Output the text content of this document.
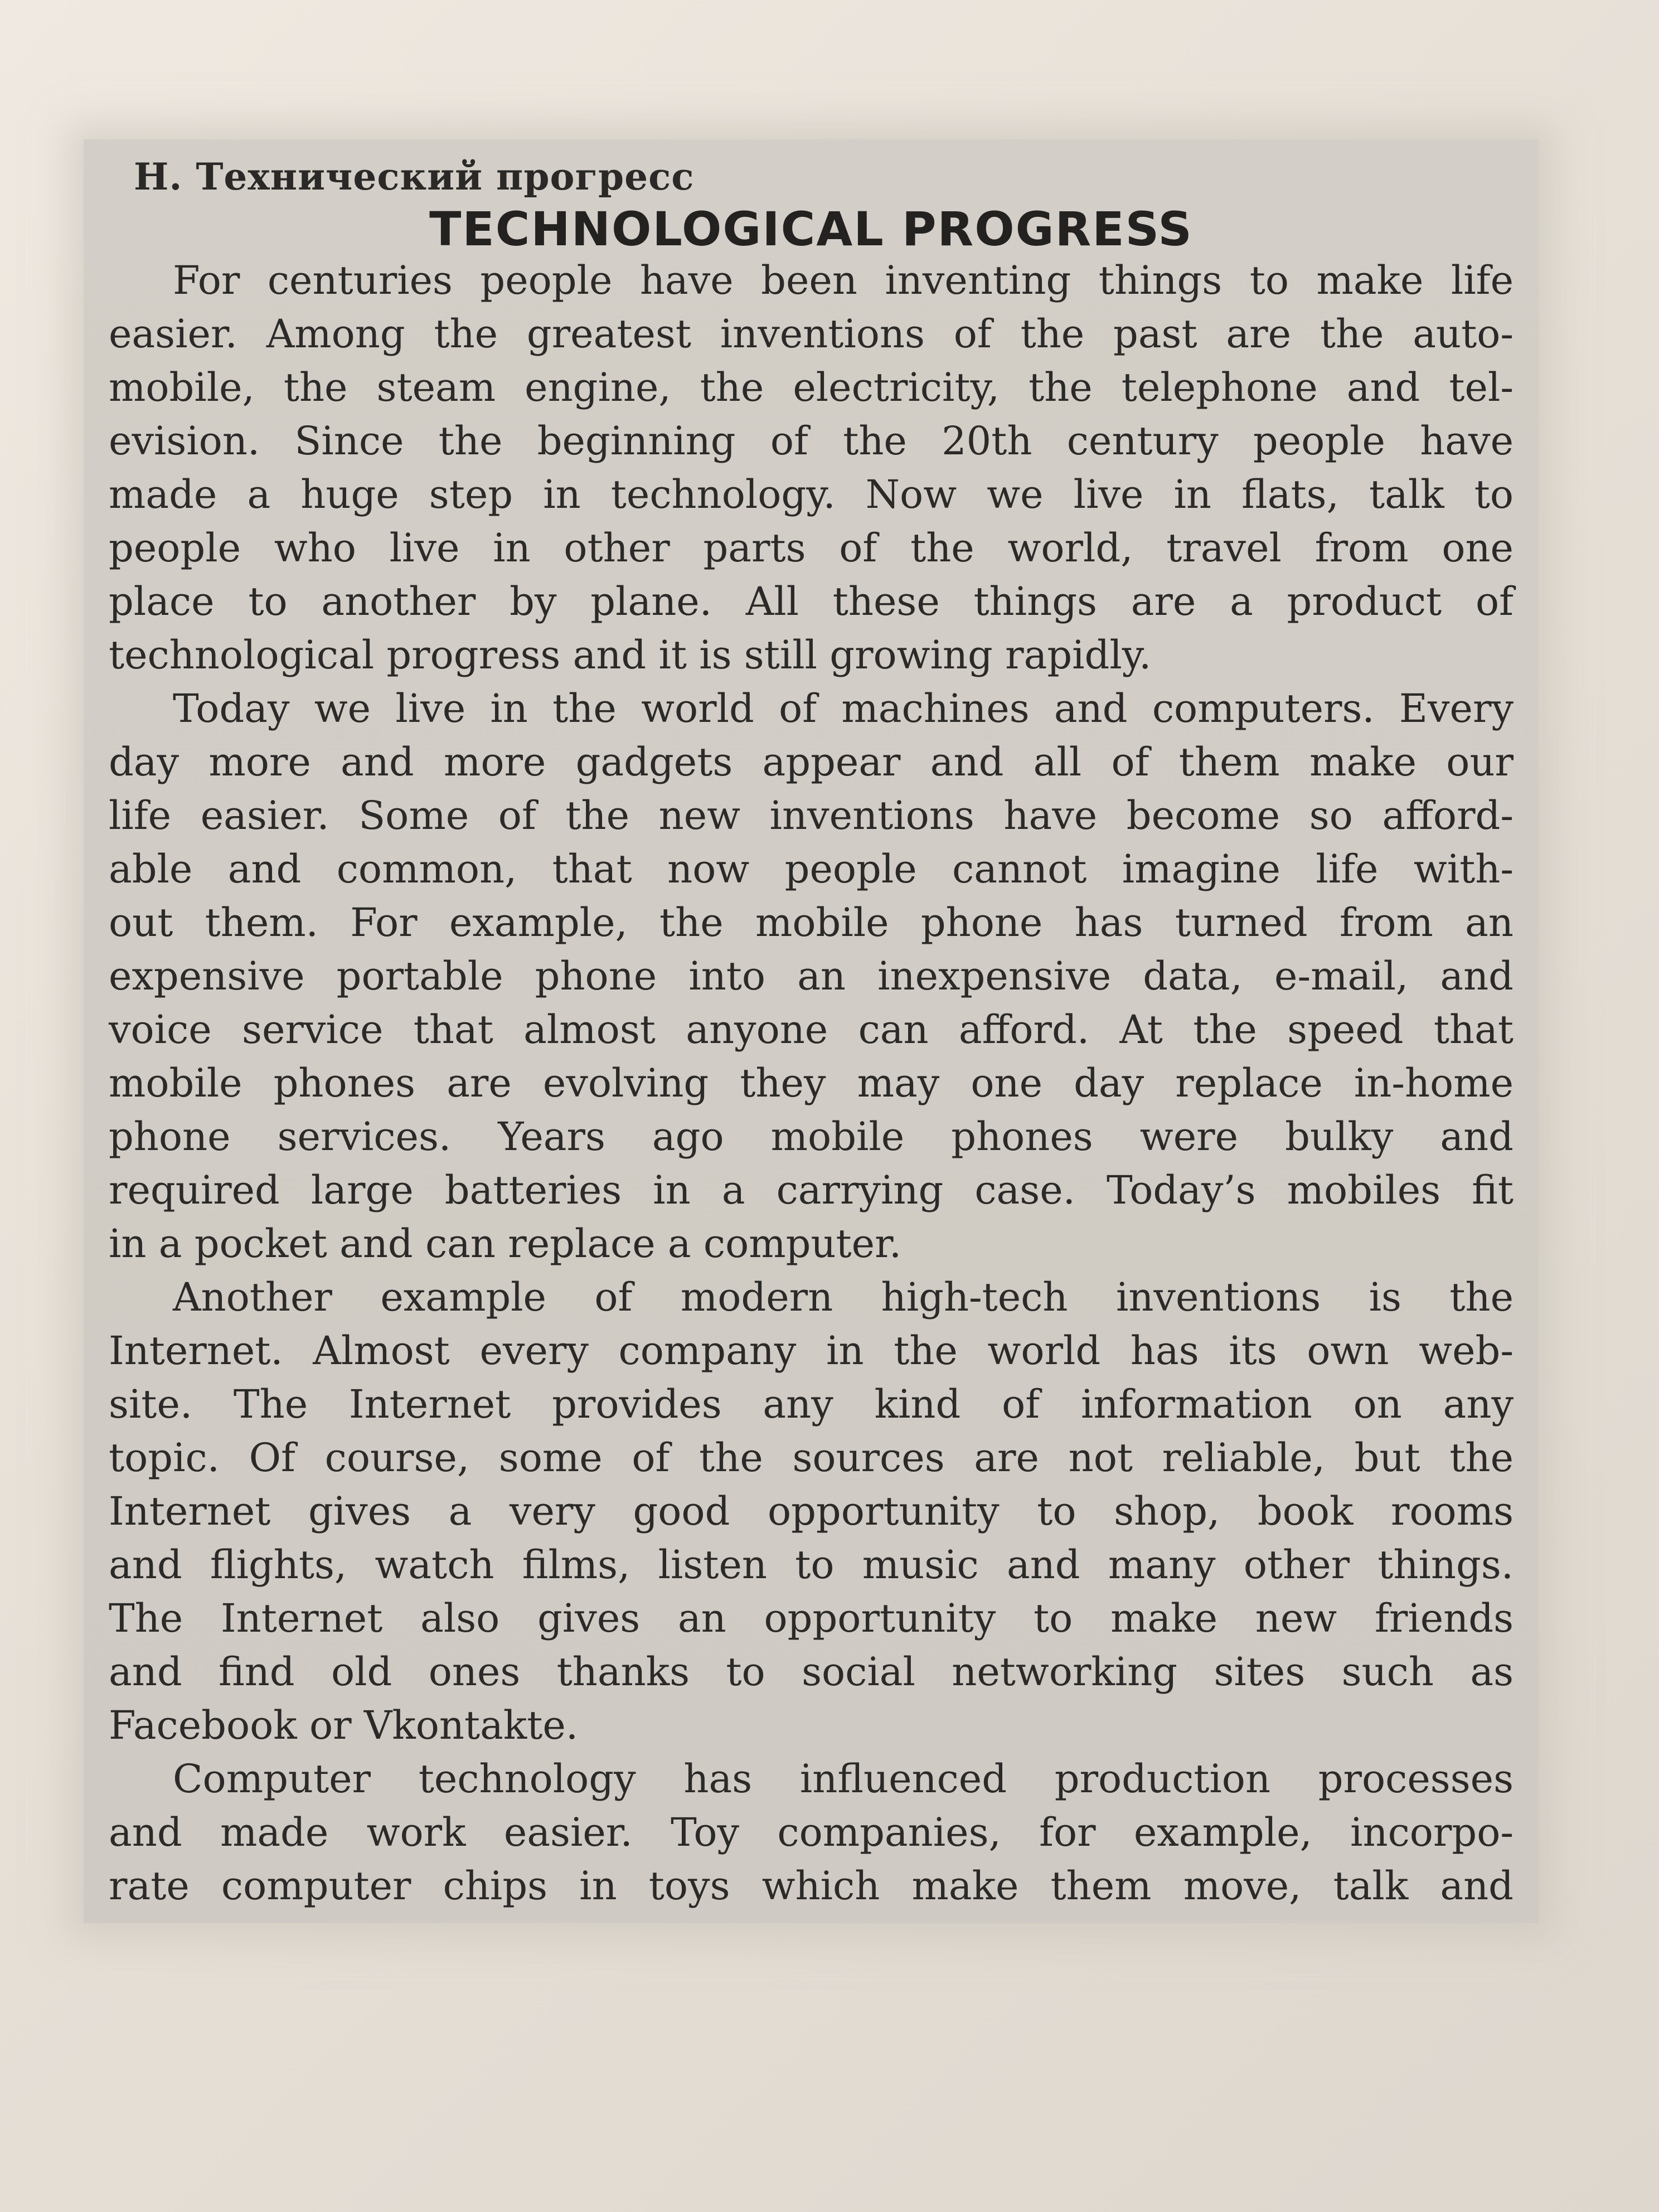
Н. Технический прогресс
TECHNOLOGICAL PROGRESS
For centuries people have been inventing things to make life
easier. Among the greatest inventions of the past are the auto-
mobile, the steam engine, the electricity, the telephone and tel-
evision. Since the beginning of the 20th century people have
made a huge step in technology. Now we live in flats, talk to
people who live in other parts of the world, travel from one
place to another by plane. All these things are a product of
technological progress and it is still growing rapidly.
Today we live in the world of machines and computers. Every
day more and more gadgets appear and all of them make our
life easier. Some of the new inventions have become so afford-
able and common, that now people cannot imagine life with-
out them. For example, the mobile phone has turned from an
expensive portable phone into an inexpensive data, e-mail, and
voice service that almost anyone can afford. At the speed that
mobile phones are evolving they may one day replace in-home
phone services. Years ago mobile phones were bulky and
required large batteries in a carrying case. Today’s mobiles fit
in a pocket and can replace a computer.
Another example of modern high-tech inventions is the
Internet. Almost every company in the world has its own web-
site. The Internet provides any kind of information on any
topic. Of course, some of the sources are not reliable, but the
Internet gives a very good opportunity to shop, book rooms
and flights, watch films, listen to music and many other things.
The Internet also gives an opportunity to make new friends
and find old ones thanks to social networking sites such as
Facebook or Vkontakte.
Computer technology has influenced production processes
and made work easier. Toy companies, for example, incorpo-
rate computer chips in toys which make them move, talk and
